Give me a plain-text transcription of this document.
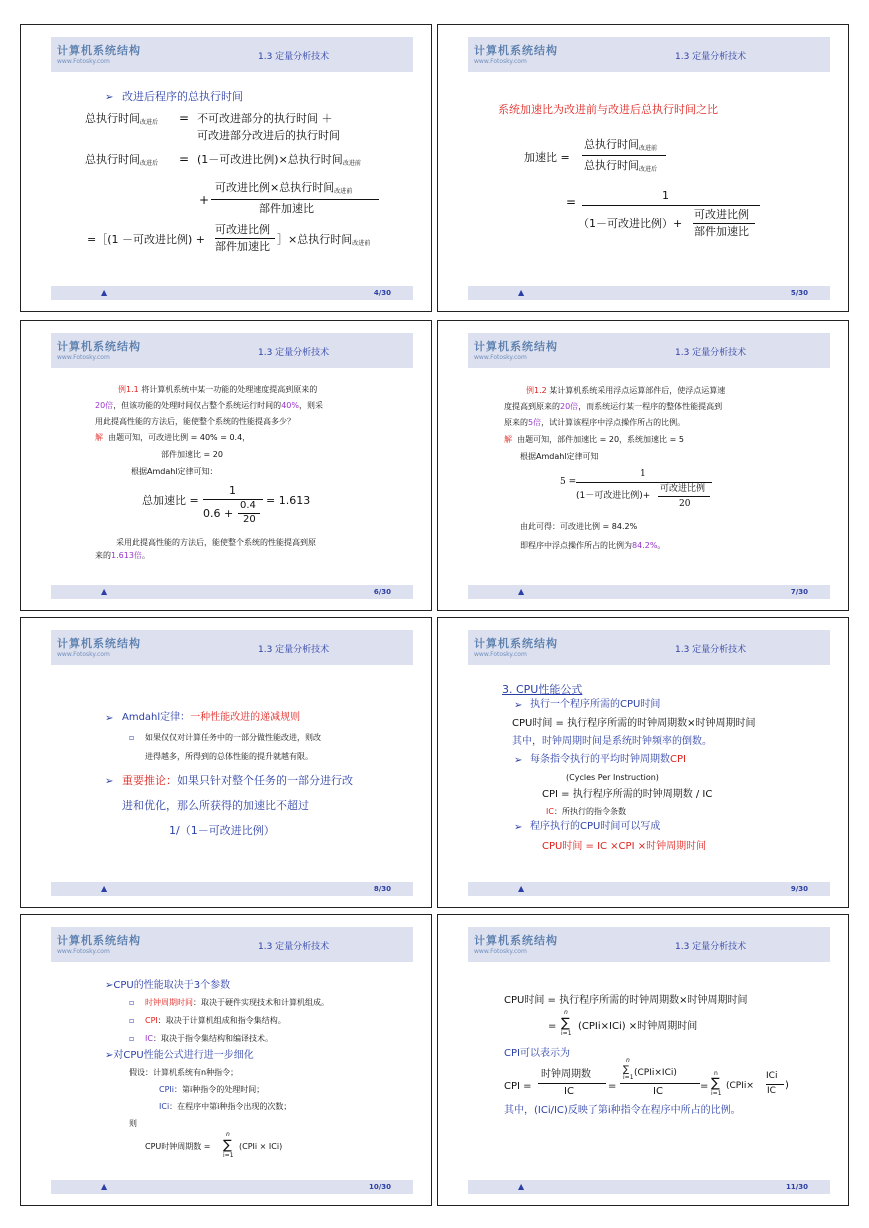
计算机系统结构
www.Fotosky.com	1.3 定量分析技术
➢ 改进后程序的总执行时间
总执行时间$_{改进后}$ = 不可改进部分的执行时间 ＋
可改进部分改进后的执行时间
总执行时间$_{改进后}$ = (1－可改进比例)×总执行时间$_{改进前}$
+
可改进比例×总执行时间$_{改进前}$
部件加速比
=［(1 －可改进比例) +
可改进比例
部件加速比
］×总执行时间$_{改进前}$
▲	4/30
计算机系统结构
www.Fotosky.com	1.3 定量分析技术
系统加速比为改进前与改进后总执行时间之比
加速比 =
总执行时间$_{改进前}$
总执行时间$_{改进后}$
=	1
（1－可改进比例）+
可改进比例
部件加速比
▲	5/30
计算机系统结构
www.Fotosky.com	1.3 定量分析技术
例1.1 将计算机系统中某一功能的处理速度提高到原来的
20倍，但该功能的处理时间仅占整个系统运行时间的40%，则采
用此提高性能的方法后，能使整个系统的性能提高多少？
解 由题可知，可改进比例 = 40% = 0.4，
部件加速比 = 20
根据Amdahl定律可知：
总加速比 =
1
0.6 +
0.4
20
= 1.613
采用此提高性能的方法后，能使整个系统的性能提高到原
来的1.613倍。
▲	6/30
计算机系统结构
www.Fotosky.com	1.3 定量分析技术
例1.2 某计算机系统采用浮点运算部件后，使浮点运算速
度提高到原来的20倍，而系统运行某一程序的整体性能提高到
原来的5倍，试计算该程序中浮点操作所占的比例。
解 由题可知，部件加速比 = 20，系统加速比 = 5
根据Amdahl定律可知
5 =
1
(1－可改进比例)+
可改进比例
20
由此可得：可改进比例 = 84.2%
即程序中浮点操作所占的比例为84.2%。
▲	7/30
计算机系统结构
www.Fotosky.com	1.3 定量分析技术
➢ Amdahl定律：一种性能改进的递减规则
▫ 如果仅仅对计算任务中的一部分做性能改进，则改
进得越多，所得到的总体性能的提升就越有限。
➢ 重要推论：如果只针对整个任务的一部分进行改
进和优化，那么所获得的加速比不超过
1/（1－可改进比例）
▲	8/30
计算机系统结构
www.Fotosky.com	1.3 定量分析技术
3. CPU性能公式
➢ 执行一个程序所需的CPU时间
CPU时间 = 执行程序所需的时钟周期数×时钟周期时间
其中，时钟周期时间是系统时钟频率的倒数。
➢ 每条指令执行的平均时钟周期数CPI
(Cycles Per Instruction)
CPI = 执行程序所需的时钟周期数 / IC
IC：所执行的指令条数
➢ 程序执行的CPU时间可以写成
CPU时间 = IC ×CPI ×时钟周期时间
▲	9/30
计算机系统结构
www.Fotosky.com	1.3 定量分析技术
➢CPU的性能取决于3个参数
▫ 时钟周期时间：取决于硬件实现技术和计算机组成。
▫ CPI：取决于计算机组成和指令集结构。
▫ IC：取决于指令集结构和编译技术。
➢对CPU性能公式进行进一步细化
假设：计算机系统有n种指令；
CPIi：第i种指令的处理时间；
ICi：在程序中第i种指令出现的次数；
则
CPU时钟周期数 =
n
∑
i=1
(CPIi × ICi)
▲	10/30
计算机系统结构
www.Fotosky.com	1.3 定量分析技术
CPU时间 = 执行程序所需的时钟周期数×时钟周期时间
=
n
∑
i=1
(CPIi×ICi) ×时钟周期时间
CPI可以表示为
CPI =
时钟周期数
IC	=
n
∑
i=1 (CPIi×ICi)
IC	=
n
∑
i=1
(CPIi×
ICi
IC )
其中，(ICi/IC)反映了第i种指令在程序中所占的比例。
▲	11/30
